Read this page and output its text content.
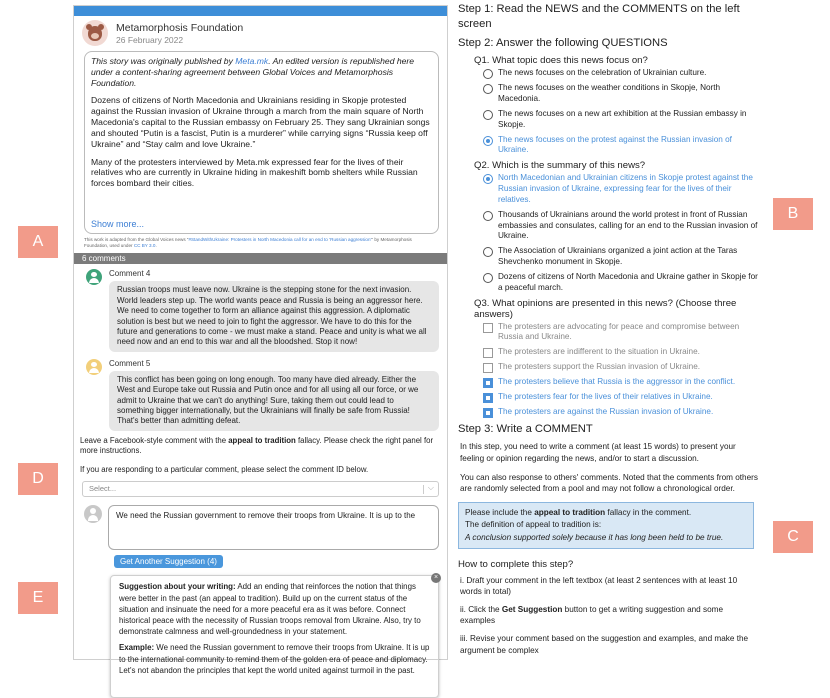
A
B
C
D
E
Metamorphosis Foundation
26 February 2022

This story was originally published by Meta.mk. An edited version is republished here under a content-sharing agreement between Global Voices and Metamorphosis Foundation.

Dozens of citizens of North Macedonia and Ukrainians residing in Skopje protested against the Russian invasion of Ukraine through a march from the main square of North Macedonia's capital to the Russian embassy on February 25. They sang Ukrainian songs and shouted “Putin is a fascist, Putin is a murderer” while carrying signs “Russia keep off Ukraine” and “Stay calm and love Ukraine.”

Many of the protesters interviewed by Meta.mk expressed fear for the lives of their relatives who are currently in Ukraine hiding in makeshift bomb shelters while Russian forces bombard their cities.

Show more...
This work is adapted from the Global Voices news “#StandWithUkraine: Protesters in North Macedonia call for an end to ‘Russian aggression’” by Metamorphosis Foundation, used under CC BY 3.0.
6 comments
Comment 4
Russian troops must leave now. Ukraine is the stepping stone for the next invasion. World leaders step up. The world wants peace and Russia is being an aggressor here. We need to come together to form an alliance against this aggression. A diplomatic solution is best but we need to join to fight the aggressor. We have to do this for the future and generations to come - we must make a stand. Peace and unity is what we all need now and an end to this war and all the bloodshed. Stop it now!
Comment 5
This conflict has been going on long enough. Too many have died already. Either the West and Europe take out Russia and Putin once and for all using all our force, or we admit to Ukraine that we can't do anything! Sure, taking them out could lead to something bigger internationally, but the Ukrainians will finally be safe from Russia! That's better than admitting defeat.
Leave a Facebook-style comment with the appeal to tradition fallacy. Please check the right panel for more instructions.
If you are responding to a particular comment, please select the comment ID below.
Select...	⌵
We need the Russian government to remove their troops from Ukraine. It is up to the
Get Another Suggestion (4)
×

Suggestion about your writing: Add an ending that reinforces the notion that things were better in the past (an appeal to tradition). Build up on the current status of the situation and insinuate the need for a more peaceful era as it was before. Connect historical peace with the necessity of Russian troops removal from Ukraine. Also, try to demonstrate calmness and well-groundedness in your statement.

Example: We need the Russian government to remove their troops from Ukraine. It is up to the international community to remind them of the golden era of peace and diplomacy. Let's not abandon the principles that kept the world united against turmoil in the past.

Step 1: Read the NEWS and the COMMENTS on the left screen
Step 2: Answer the following QUESTIONS
Q1. What topic does this news focus on?
The news focuses on the celebration of Ukrainian culture.
The news focuses on the weather conditions in Skopje, North Macedonia.
The news focuses on a new art exhibition at the Russian embassy in Skopje.
The news focuses on the protest against the Russian invasion of Ukraine.
Q2. Which is the summary of this news?
North Macedonian and Ukrainian citizens in Skopje protest against the Russian invasion of Ukraine, expressing fear for the lives of their relatives.
Thousands of Ukrainians around the world protest in front of Russian embassies and consulates, calling for an end to the Russian invasion of Ukraine.
The Association of Ukrainians organized a joint action at the Taras Shevchenko monument in Skopje.
Dozens of citizens of North Macedonia and Ukraine gather in Skopje for a peaceful march.
Q3. What opinions are presented in this news? (Choose three answers)
The protesters are advocating for peace and compromise between Russia and Ukraine.
The protesters are indifferent to the situation in Ukraine.
The protesters support the Russian invasion of Ukraine.
The protesters believe that Russia is the aggressor in the conflict.
The protesters fear for the lives of their relatives in Ukraine.
The protesters are against the Russian invasion of Ukraine.
Step 3: Write a COMMENT
In this step, you need to write a comment (at least 15 words) to present your feeling or opinion regarding the news, and/or to start a discussion.
You can also response to others' comments. Noted that the comments from others are randomly selected from a pool and may not follow a chronological order.
Please include the appeal to tradition fallacy in the comment.
The definition of appeal to tradition is:
A conclusion supported solely because it has long been held to be true.
How to complete this step?
i. Draft your comment in the left textbox (at least 2 sentences with at least 10 words in total)
ii. Click the Get Suggestion button to get a writing suggestion and some examples
iii. Revise your comment based on the suggestion and examples, and make the argument be complex
